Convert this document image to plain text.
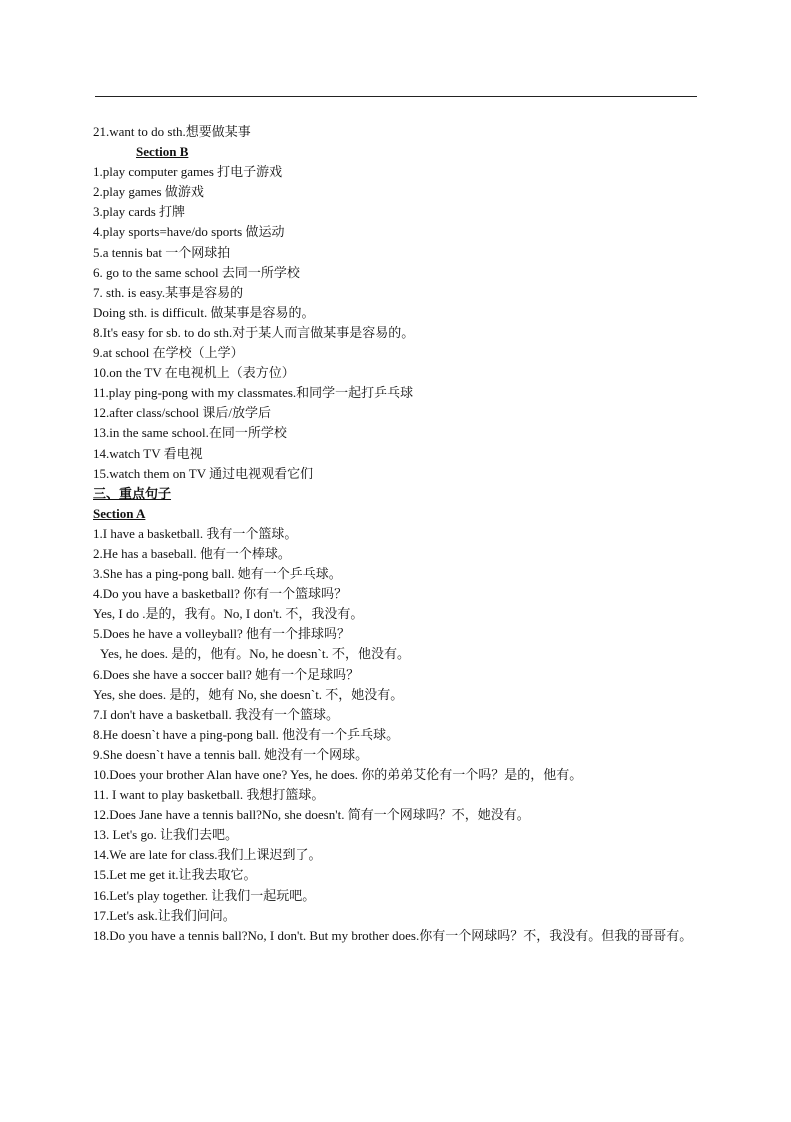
21.want to do sth.想要做某事
Section B
1.play computer games 打电子游戏
2.play games 做游戏
3.play cards 打牌
4.play sports=have/do sports 做运动
5.a tennis bat 一个网球拍
6. go to the same school 去同一所学校
7. sth. is easy.某事是容易的
Doing sth. is difficult. 做某事是容易的。
8.It's easy for sb. to do sth.对于某人而言做某事是容易的。
9.at school 在学校（上学）
10.on the TV 在电视机上（表方位）
11.play ping-pong with my classmates.和同学一起打乒乓球
12.after class/school 课后/放学后
13.in the same school.在同一所学校
14.watch TV 看电视
15.watch them on TV 通过电视观看它们
三、重点句子
Section A
1.I have a basketball. 我有一个篮球。
2.He has a baseball. 他有一个棒球。
3.She has a ping-pong ball. 她有一个乒乓球。
4.Do you have a basketball? 你有一个篮球吗？
Yes, I do .是的，我有。No, I don't. 不，我没有。
5.Does he have a volleyball? 他有一个排球吗？
Yes, he does. 是的，他有。No, he doesn`t. 不，他没有。
6.Does she have a soccer ball? 她有一个足球吗？
Yes, she does. 是的，她有 No, she doesn`t. 不，她没有。
7.I don't have a basketball. 我没有一个篮球。
8.He doesn`t have a ping-pong ball. 他没有一个乒乓球。
9.She doesn`t have a tennis ball. 她没有一个网球。
10.Does your brother Alan have one? Yes, he does. 你的弟弟艾伦有一个吗？是的，他有。
11. I want to play basketball. 我想打篮球。
12.Does Jane have a tennis ball?No, she doesn't. 简有一个网球吗？不，她没有。
13. Let's go. 让我们去吧。
14.We are late for class.我们上课迟到了。
15.Let me get it.让我去取它。
16.Let's play together. 让我们一起玩吧。
17.Let's ask.让我们问问。
18.Do you have a tennis ball?No, I don't. But my brother does.你有一个网球吗？不，我没有。但我的哥哥有。
